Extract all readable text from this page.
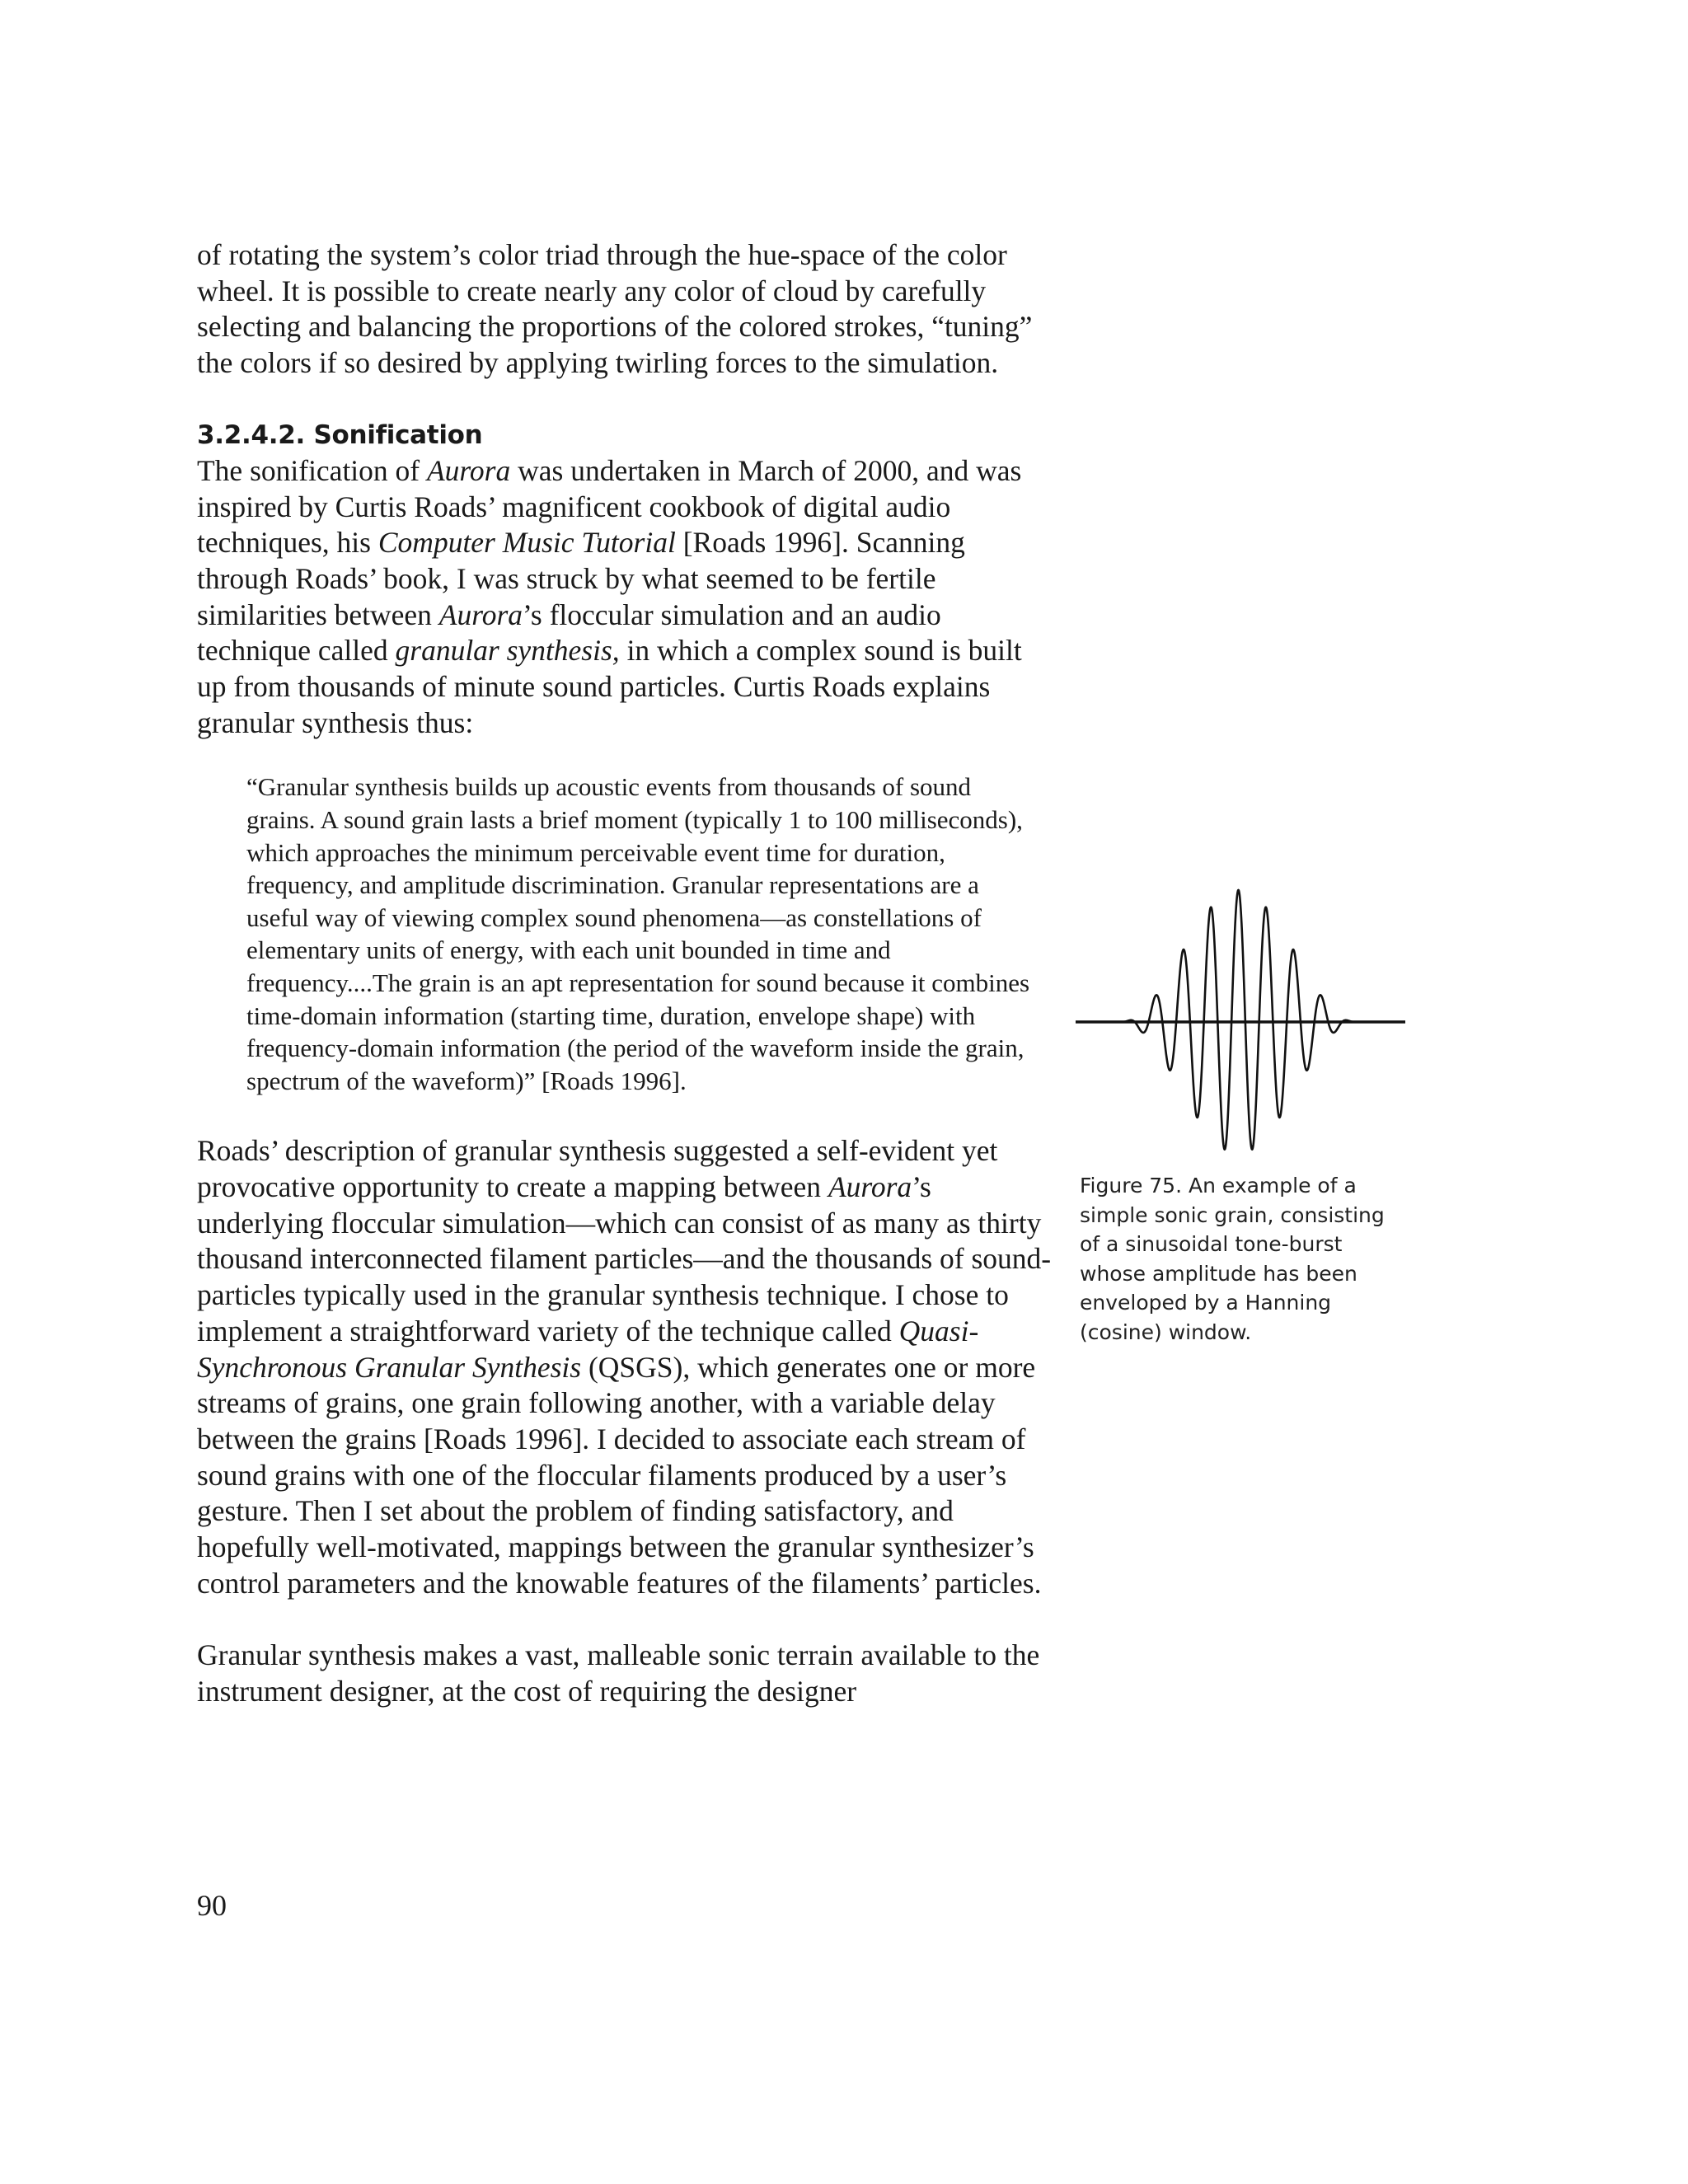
of rotating the system’s color triad through the hue-space of the color wheel. It is possible to create nearly any color of cloud by carefully selecting and balancing the proportions of the colored strokes, “tuning” the colors if so desired by applying twirling forces to the simulation.

3.2.4.2. Sonification

The sonification of Aurora was undertaken in March of 2000, and was inspired by Curtis Roads’ magnificent cookbook of digital audio techniques, his Computer Music Tutorial [Roads 1996]. Scanning through Roads’ book, I was struck by what seemed to be fertile similarities between Aurora’s floccular simulation and an audio technique called granular synthesis, in which a complex sound is built up from thousands of minute sound particles. Curtis Roads explains granular synthesis thus:

“Granular synthesis builds up acoustic events from thousands of sound grains. A sound grain lasts a brief moment (typically 1 to 100 milliseconds), which approaches the minimum perceivable event time for duration, frequency, and amplitude discrimination. Granular representations are a useful way of viewing complex sound phenomena—as constellations of elementary units of energy, with each unit bounded in time and frequency....The grain is an apt representation for sound because it combines time-domain information (starting time, duration, envelope shape) with frequency-domain information (the period of the waveform inside the grain, spectrum of the waveform)” [Roads 1996].

Roads’ description of granular synthesis suggested a self-evident yet provocative opportunity to create a mapping between Aurora’s underlying floccular simulation—which can consist of as many as thirty thousand interconnected filament particles—and the thousands of sound-particles typically used in the granular synthesis technique. I chose to implement a straightforward variety of the technique called Quasi-Synchronous Granular Synthesis (QSGS), which generates one or more streams of grains, one grain following another, with a variable delay between the grains [Roads 1996]. I decided to associate each stream of sound grains with one of the floccular filaments produced by a user’s gesture. Then I set about the problem of finding satisfactory, and hopefully well-motivated, mappings between the granular synthesizer’s control parameters and the knowable features of the filaments’ particles.

Granular synthesis makes a vast, malleable sonic terrain available to the instrument designer, at the cost of requiring the designer

Figure 75. An example of a simple sonic grain, consisting of a sinusoidal tone-burst whose amplitude has been enveloped by a Hanning (cosine) window.
90
